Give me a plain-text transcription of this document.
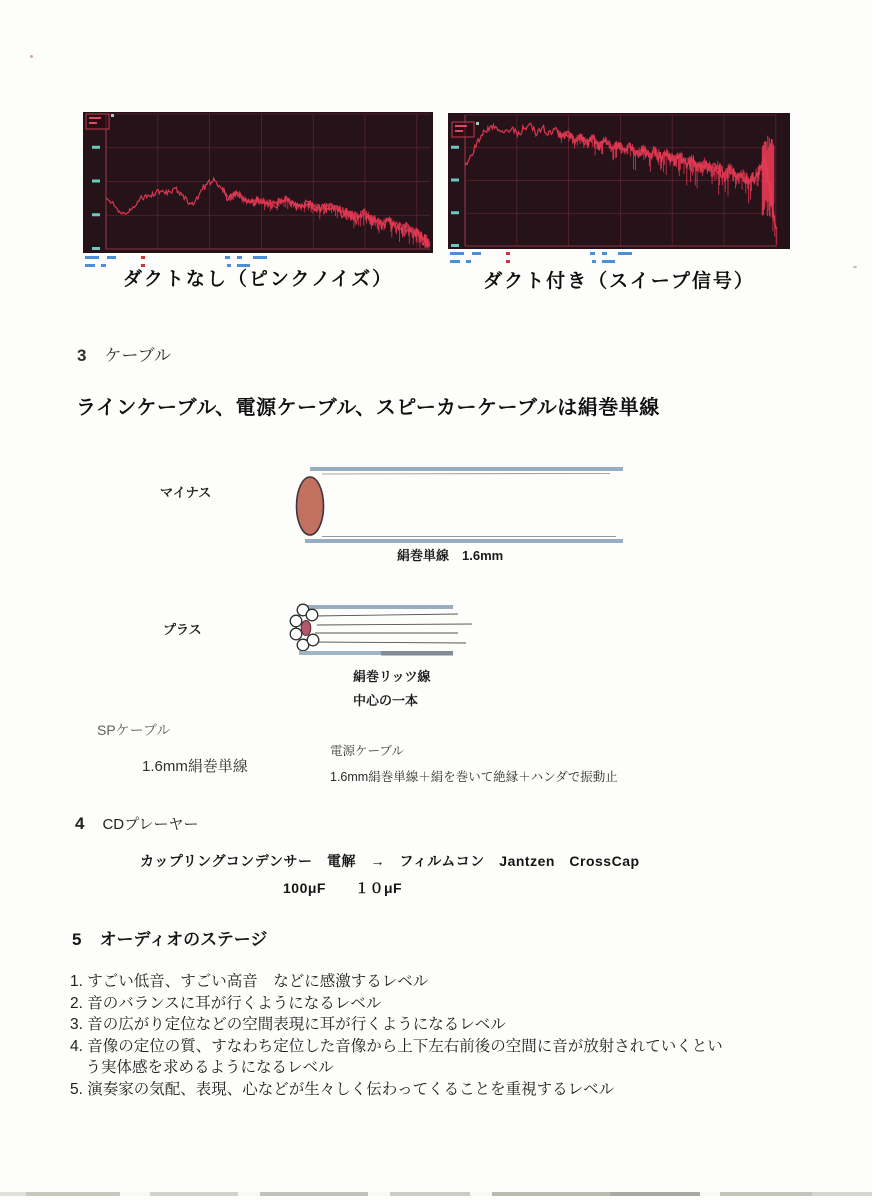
ダクトなし（ピンクノイズ）	ダクト付き（スイープ信号）
3 ケーブル
ラインケーブル、電源ケーブル、スピーカーケーブルは絹巻単線
マイナス
絹巻単線　1.6mm
プラス
絹巻リッツ線
中心の一本
SPケーブル
1.6mm絹巻単線
電源ケーブル
1.6mm絹巻単線＋絹を巻いて絶縁＋ハンダで振動止
4 CDプレーヤー
カップリングコンデンサー　電解　→　フィルムコン　Jantzen　CrossCap
100μF　　１０μF
5 オーディオのステージ
1. すごい低音、すごい高音　などに感激するレベル
2. 音のバランスに耳が行くようになるレベル
3. 音の広がり定位などの空間表現に耳が行くようになるレベル
4. 音像の定位の質、すなわち定位した音像から上下左右前後の空間に音が放射されていくとい
　う実体感を求めるようになるレベル
5. 演奏家の気配、表現、心などが生々しく伝わってくることを重視するレベル
